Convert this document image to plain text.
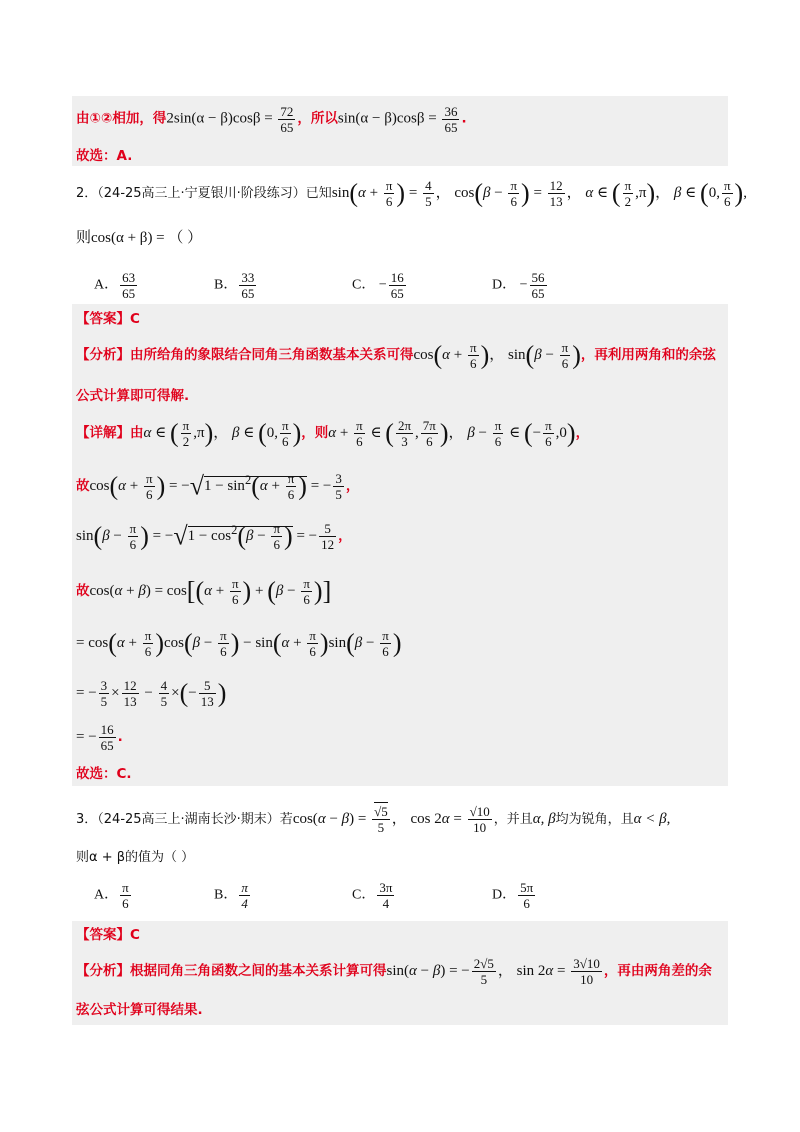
由①②相加，得$2\sin(\alpha - \beta)\cos\beta = \frac{72}{65}$ ，所以$\sin(\alpha - \beta)\cos\beta = \frac{36}{65}$ .
故选：A.
2．（24-25高三上·宁夏银川·阶段练习）已知$\sin(\alpha + \frac{\pi}{6}$ ) = $\frac{4}{5}$ ， $\cos(\beta - \frac{\pi}{6}$ ) = $\frac{12}{13}$ ， α ∈ ( $\frac{\pi}{2} ,\pi$)， β ∈ (0, $\frac{\pi}{6}$ ),
则cos(α + β) = （ ）
A． $\frac{63}{65}$	B． $\frac{33}{65}$	C． − $\frac{16}{65}$	D． − $\frac{56}{65}$
【答案】C
【分析】由所给角的象限结合同角三角函数基本关系可得$\cos(\alpha + \frac{\pi}{6}$ )， $\sin(\beta - \frac{\pi}{6}$ )，再利用两角和的余弦
公式计算即可得解.
【详解】由α ∈ ( $\frac{\pi}{2} ,\pi$)， β ∈ (0, $\frac{\pi}{6}$ )，则$\alpha + \frac{\pi}{6}$ ∈ ( $\frac{2\pi}{3}$ , $\frac{7\pi}{6}$ )， $\beta - \frac{\pi}{6}$ ∈ (− $\frac{\pi}{6} ,0$)，
故$\cos(\alpha + \frac{\pi}{6}$ ) = $-√1 - \sin^2(\alpha + \frac{\pi}{6}$ ) = − $\frac{3}{5}$ ，
$\sin(\beta - \frac{\pi}{6}$ ) = $-√1 - \cos^2(\beta - \frac{\pi}{6}$ ) = − $\frac{5}{12}$ ，
故$\cos(\alpha + \beta) = \cos[(\alpha + \frac{\pi}{6}$ ) + ($\beta - \frac{\pi}{6}$ )]
= $\cos(\alpha + \frac{\pi}{6} )\cos(\beta - \frac{\pi}{6}$ ) − $\sin(\alpha + \frac{\pi}{6} )\sin(\beta - \frac{\pi}{6}$ )
= − $\frac{3}{5} \times \frac{12}{13} - \frac{4}{5}$ ×(− $\frac{5}{13}$ )
= − $\frac{16}{65}$ .
故选：C.
3．（24-25高三上·湖南长沙·期末）若$\cos(\alpha - \beta) = \frac{√5}{5}$ ， $\cos 2\alpha = \frac{√10}{10}$ ，并且α, β均为锐角，且α < β,
则α + β的值为（ ）
A． $\frac{\pi}{6}$	B． $\frac{\pi}{4}$	C． $\frac{3\pi}{4}$	D． $\frac{5\pi}{6}$
【答案】C
【分析】根据同角三角函数之间的基本关系计算可得sin(α − β) = − $\frac{2√5}{5}$ ， $\sin 2\alpha = \frac{3√10}{10}$ ，再由两角差的余
弦公式计算可得结果.
